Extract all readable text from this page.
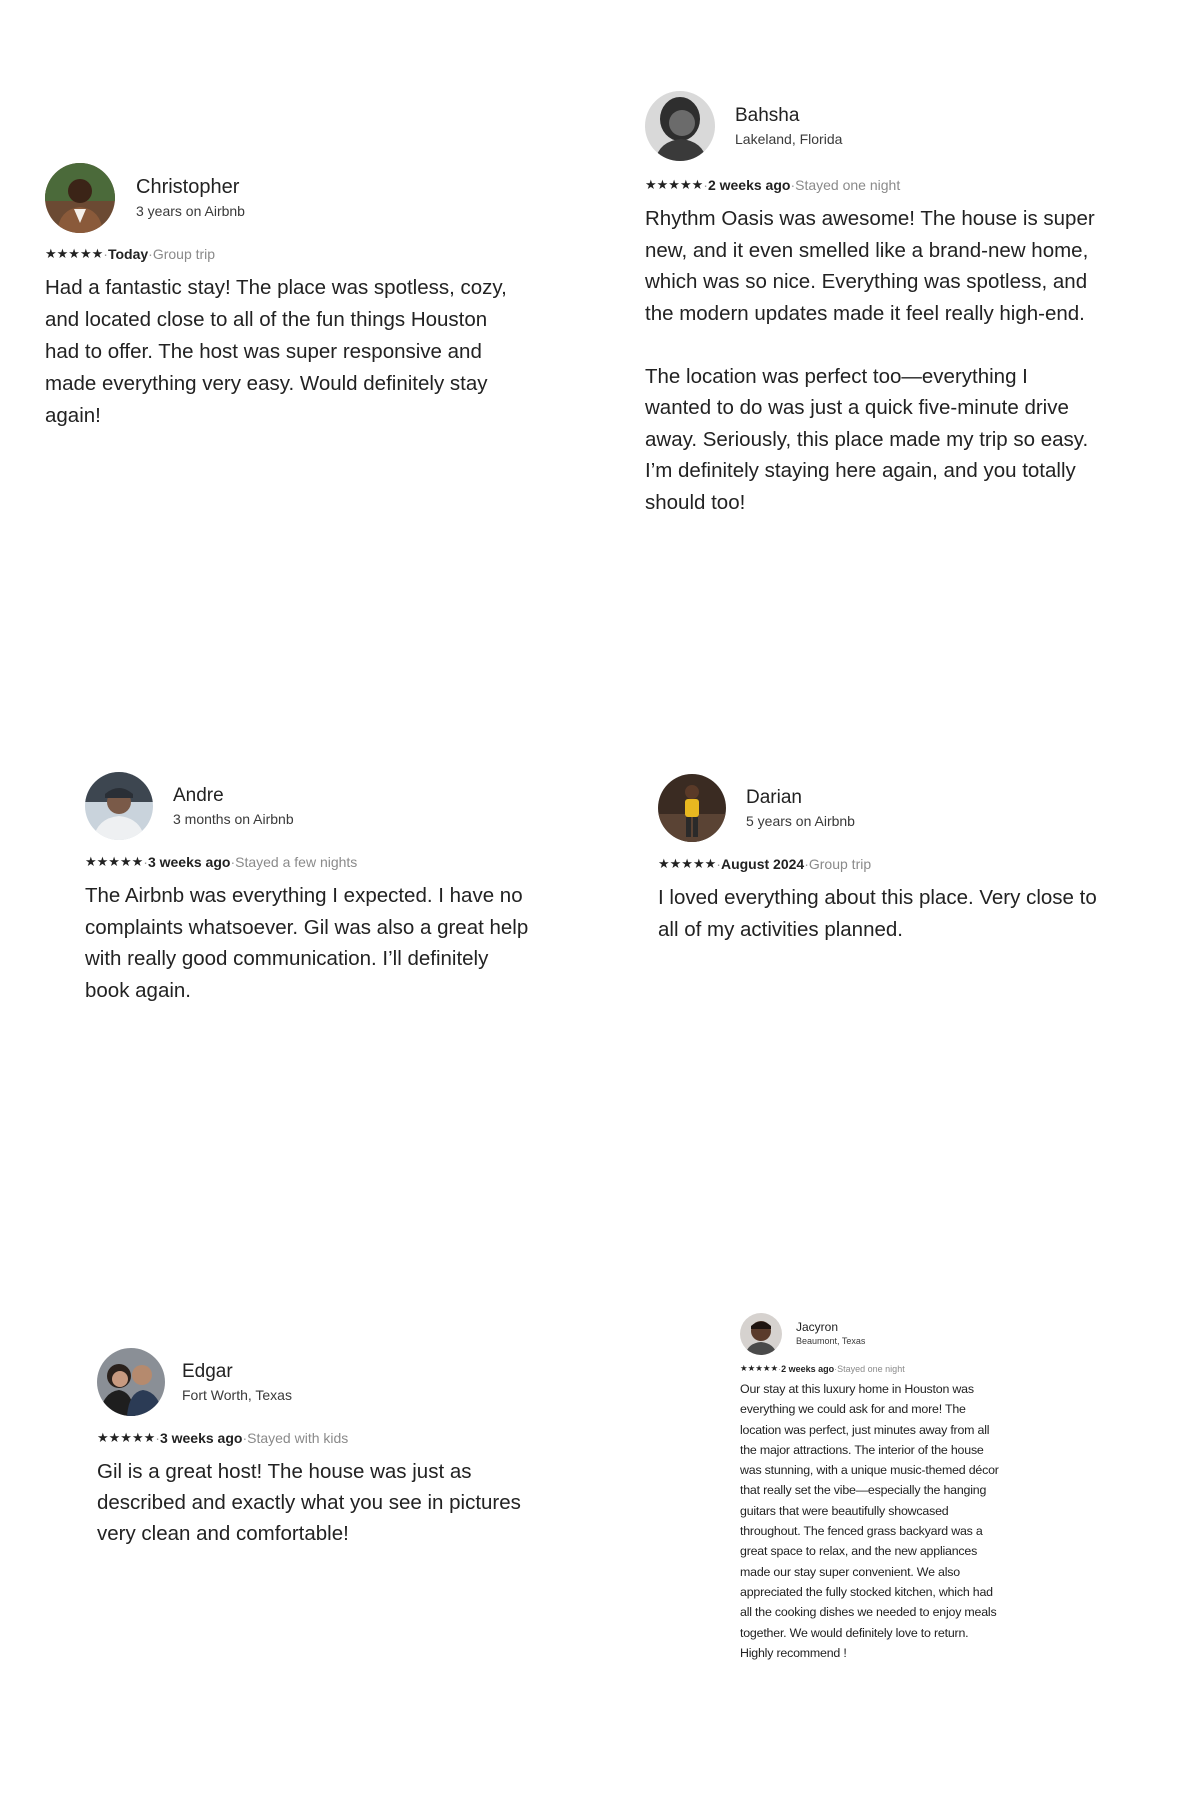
Christopher
3 years on Airbnb
★★★★★ · Today · Group trip
Had a fantastic stay! The place was spotless, cozy,
and located close to all of the fun things Houston
had to offer. The host was super responsive and
made everything very easy. Would definitely stay
again!
Bahsha
Lakeland, Florida
★★★★★ · 2 weeks ago · Stayed one night
Rhythm Oasis was awesome! The house is super
new, and it even smelled like a brand-new home,
which was so nice. Everything was spotless, and
the modern updates made it feel really high-end.

The location was perfect too—everything I
wanted to do was just a quick five-minute drive
away. Seriously, this place made my trip so easy.
I’m definitely staying here again, and you totally
should too!
Andre
3 months on Airbnb
★★★★★ · 3 weeks ago · Stayed a few nights
The Airbnb was everything I expected. I have no
complaints whatsoever. Gil was also a great help
with really good communication. I’ll definitely
book again.
Darian
5 years on Airbnb
★★★★★ · August 2024 · Group trip
I loved everything about this place. Very close to
all of my activities planned.
Edgar
Fort Worth, Texas
★★★★★ · 3 weeks ago · Stayed with kids
Gil is a great host! The house was just as
described and exactly what you see in pictures
very clean and comfortable!
Jacyron
Beaumont, Texas
★★★★★ · 2 weeks ago · Stayed one night
Our stay at this luxury home in Houston was
everything we could ask for and more! The
location was perfect, just minutes away from all
the major attractions. The interior of the house
was stunning, with a unique music-themed décor
that really set the vibe—especially the hanging
guitars that were beautifully showcased
throughout. The fenced grass backyard was a
great space to relax, and the new appliances
made our stay super convenient. We also
appreciated the fully stocked kitchen, which had
all the cooking dishes we needed to enjoy meals
together. We would definitely love to return.
Highly recommend !
